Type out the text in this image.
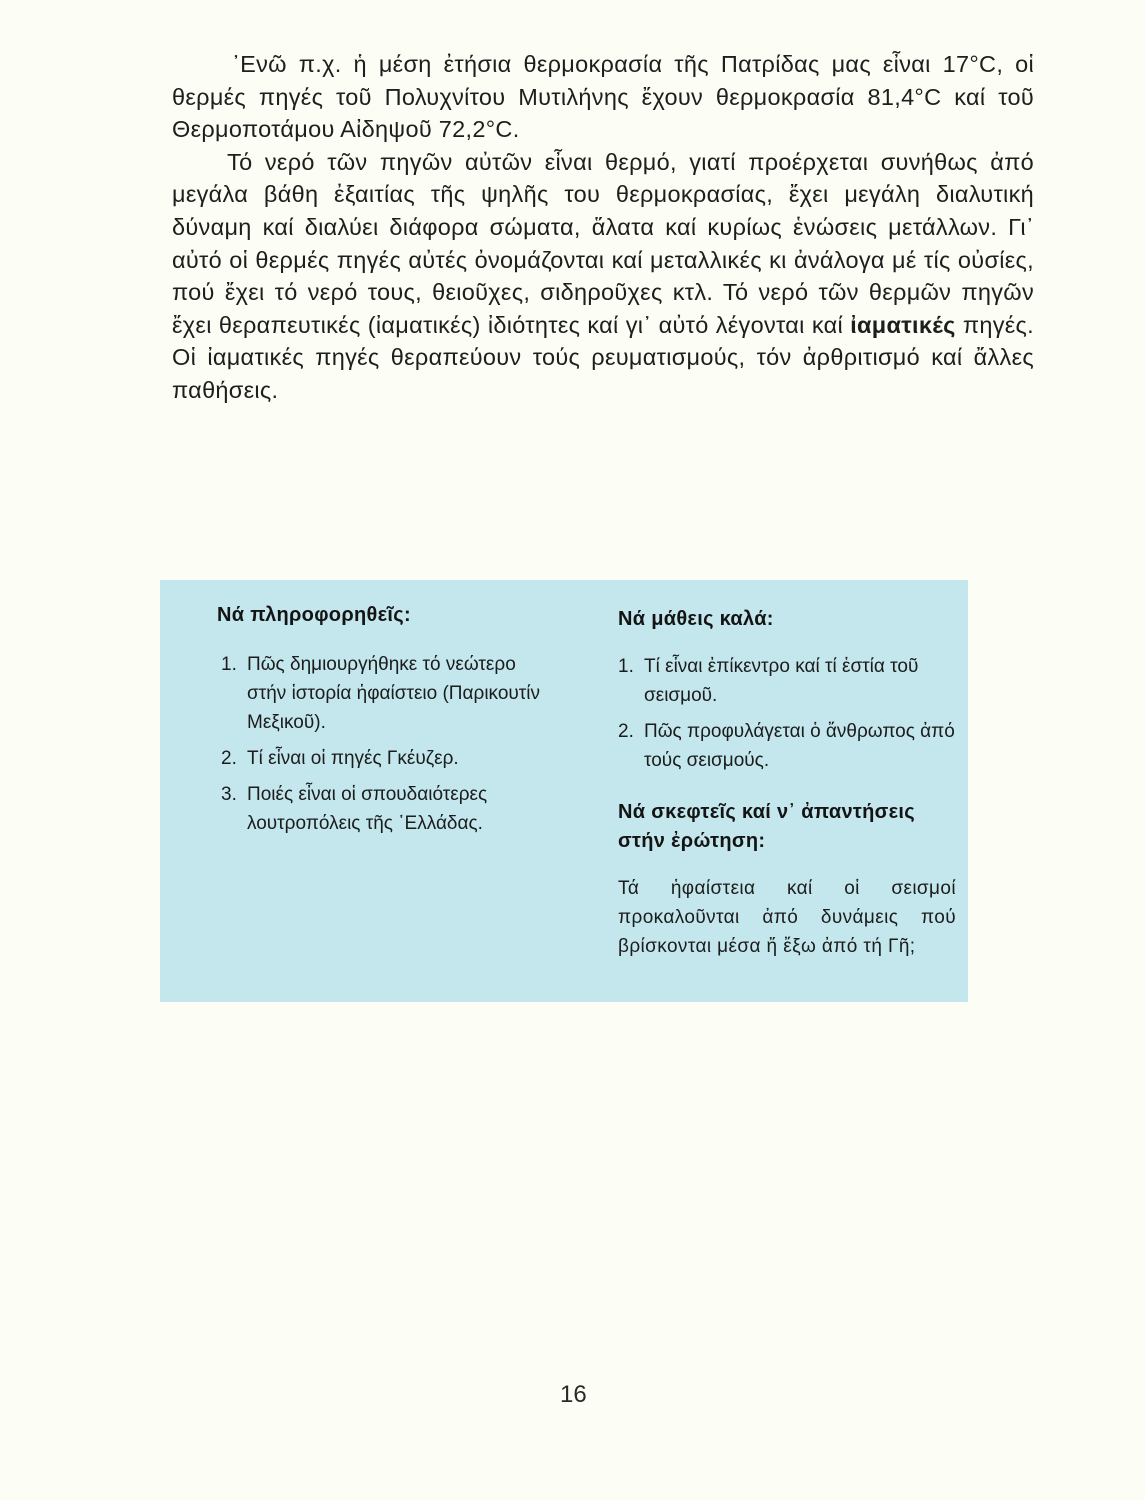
᾿Ενῶ π.χ. ἡ μέση ἐτήσια θερμοκρασία τῆς Πατρίδας μας εἶναι 17°C, οἱ θερμές πηγές τοῦ Πολυχνίτου Μυτιλήνης ἔχουν θερμοκρασία 81,4°C καί τοῦ Θερμοποτάμου Αἰδηψοῦ 72,2°C.

Τό νερό τῶν πηγῶν αὐτῶν εἶναι θερμό, γιατί προέρχεται συνήθως ἀπό μεγάλα βάθη ἐξαιτίας τῆς ψηλῆς του θερμοκρασίας, ἔχει μεγάλη διαλυτική δύναμη καί διαλύει διάφορα σώματα, ἅλατα καί κυρίως ἑνώσεις μετάλλων. Γι᾿ αὐτό οἱ θερμές πηγές αὐτές ὀνομάζονται καί μεταλλικές κι ἀνάλογα μέ τίς οὐσίες, πού ἔχει τό νερό τους, θειοῦχες, σιδηροῦχες κτλ. Τό νερό τῶν θερμῶν πηγῶν ἔχει θεραπευτικές (ἰαματικές) ἰδιότητες καί γι᾿ αὐτό λέγονται καί ἰαματικές πηγές. Οἱ ἰαματικές πηγές θεραπεύουν τούς ρευματισμούς, τόν ἀρθριτισμό καί ἄλλες παθήσεις.

Νά πληροφορηθεῖς:
1. Πῶς δημιουργήθηκε τό νεώτερο στήν ἱστορία ἡφαίστειο (Παρικουτίν Μεξικοῦ).
2. Τί εἶναι οἱ πηγές Γκέυζερ.
3. Ποιές εἶναι οἱ σπουδαιότερες λουτροπόλεις τῆς ῾Ελλάδας.
Νά μάθεις καλά:
1. Τί εἶναι ἐπίκεντρο καί τί ἑστία τοῦ σεισμοῦ.
2. Πῶς προφυλάγεται ὁ ἄνθρωπος ἀπό τούς σεισμούς.
Νά σκεφτεῖς καί ν᾿ ἀπαντήσεις στήν ἐρώτηση:
Τά ἡφαίστεια καί οἱ σεισμοί προκαλοῦνται ἀπό δυνάμεις πού βρίσκονται μέσα ἤ ἔξω ἀπό τή Γῆ;
16
